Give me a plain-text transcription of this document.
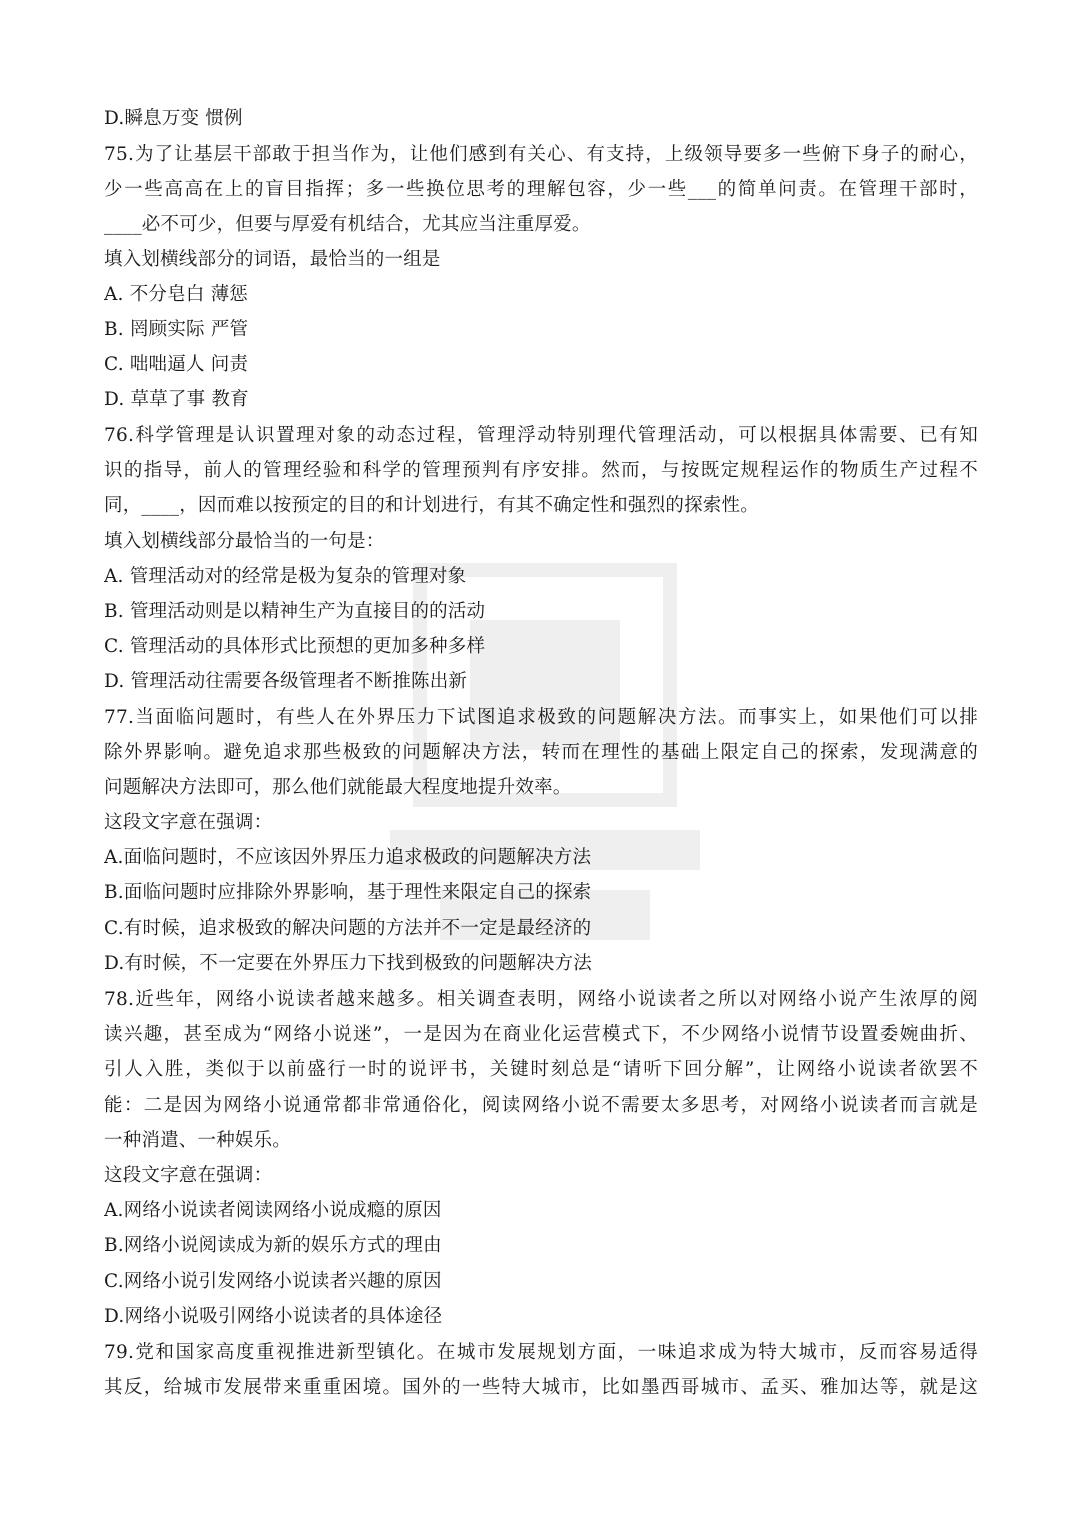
D.瞬息万变 惯例
75.为了让基层干部敢于担当作为，让他们感到有关心、有支持，上级领导要多一些俯下身子的耐心，
少一些高高在上的盲目指挥；多一些换位思考的理解包容，少一些___的简单问责。在管理干部时，
____必不可少，但要与厚爱有机结合，尤其应当注重厚爱。
填入划横线部分的词语，最恰当的一组是
A. 不分皂白 薄惩
B. 罔顾实际 严管
C. 咄咄逼人 问责
D. 草草了事 教育
76.科学管理是认识置理对象的动态过程，管理浮动特别理代管理活动，可以根据具体需要、已有知
识的指导，前人的管理经验和科学的管理预判有序安排。然而，与按既定规程运作的物质生产过程不
同，____，因而难以按预定的目的和计划进行，有其不确定性和强烈的探索性。
填入划横线部分最恰当的一句是：
A. 管理活动对的经常是极为复杂的管理对象
B. 管理活动则是以精神生产为直接目的的活动
C. 管理活动的具体形式比预想的更加多种多样
D. 管理活动往需要各级管理者不断推陈出新
77.当面临问题时，有些人在外界压力下试图追求极致的问题解决方法。而事实上，如果他们可以排
除外界影响。避免追求那些极致的问题解决方法，转而在理性的基础上限定自己的探索，发现满意的
问题解决方法即可，那么他们就能最大程度地提升效率。
这段文字意在强调：
A.面临问题时，不应该因外界压力追求极政的问题解决方法
B.面临问题时应排除外界影响，基于理性来限定自己的探索
C.有时候，追求极致的解决问题的方法并不一定是最经济的
D.有时候，不一定要在外界压力下找到极致的问题解决方法
78.近些年，网络小说读者越来越多。相关调查表明，网络小说读者之所以对网络小说产生浓厚的阅
读兴趣，甚至成为“网络小说迷”，一是因为在商业化运营模式下，不少网络小说情节设置委婉曲折、
引人入胜，类似于以前盛行一时的说评书，关键时刻总是“请听下回分解”，让网络小说读者欲罢不
能：二是因为网络小说通常都非常通俗化，阅读网络小说不需要太多思考，对网络小说读者而言就是
一种消遣、一种娱乐。
这段文字意在强调：
A.网络小说读者阅读网络小说成瘾的原因
B.网络小说阅读成为新的娱乐方式的理由
C.网络小说引发网络小说读者兴趣的原因
D.网络小说吸引网络小说读者的具体途径
79.党和国家高度重视推进新型镇化。在城市发展规划方面，一味追求成为特大城市，反而容易适得
其反，给城市发展带来重重困境。国外的一些特大城市，比如墨西哥城市、孟买、雅加达等，就是这
